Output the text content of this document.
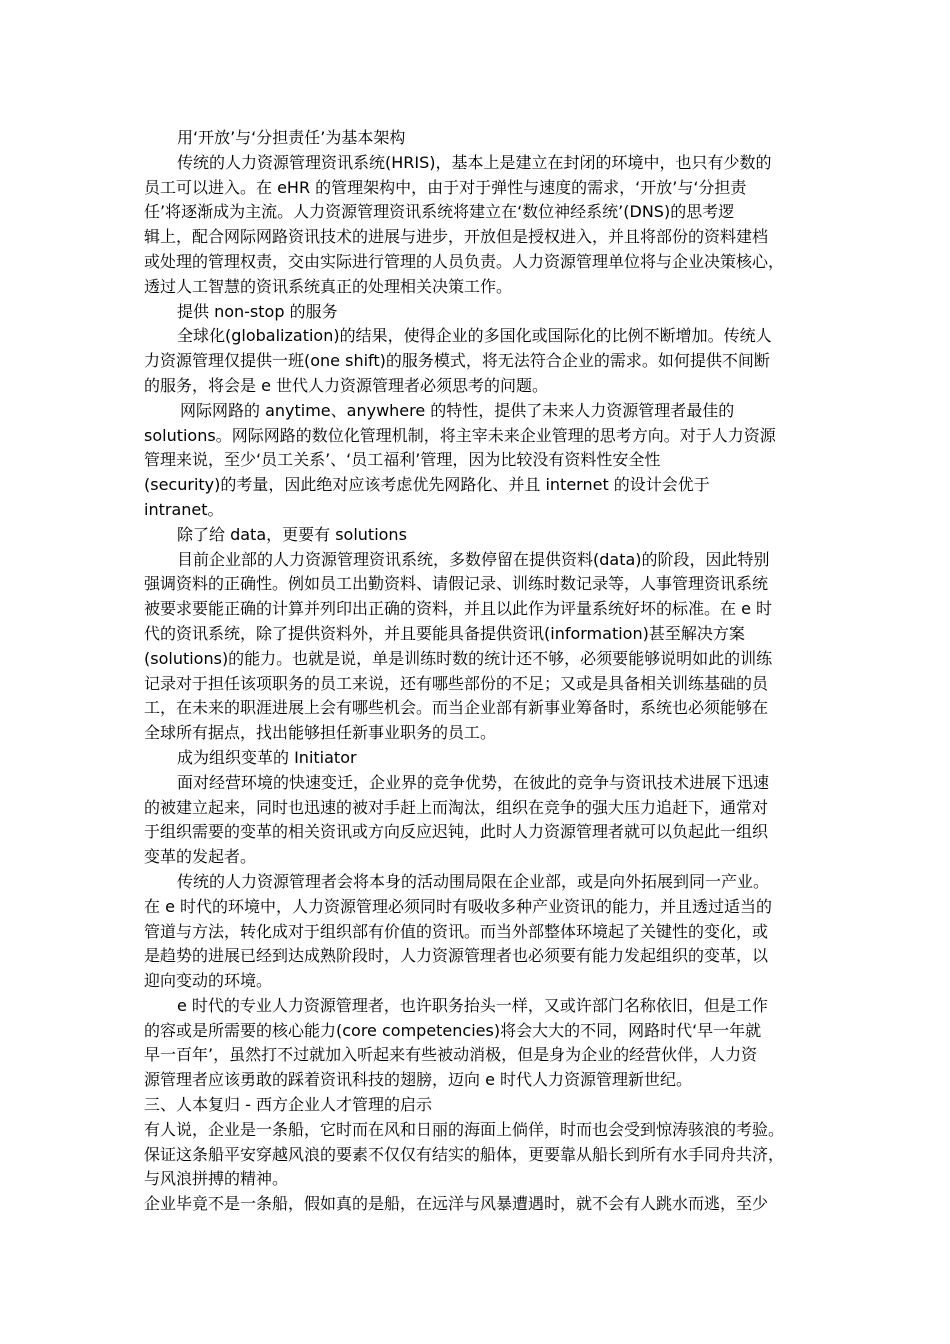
用‘开放’与‘分担责任’为基本架构
传统的人力资源管理资讯系统(HRIS)，基本上是建立在封闭的环境中，也只有少数的
员工可以进入。在 eHR 的管理架构中，由于对于弹性与速度的需求，‘开放’与‘分担责
任’将逐渐成为主流。人力资源管理资讯系统将建立在‘数位神经系统’(DNS)的思考逻
辑上，配合网际网路资讯技术的进展与进步，开放但是授权进入，并且将部份的资料建档
或处理的管理权责，交由实际进行管理的人员负责。人力资源管理单位将与企业决策核心，
透过人工智慧的资讯系统真正的处理相关决策工作。
提供 non-stop 的服务
全球化(globalization)的结果，使得企业的多国化或国际化的比例不断增加。传统人
力资源管理仅提供一班(one shift)的服务模式，将无法符合企业的需求。如何提供不间断
的服务，将会是 e 世代人力资源管理者必须思考的问题。
网际网路的 anytime、anywhere 的特性，提供了未来人力资源管理者最佳的
solutions。网际网路的数位化管理机制，将主宰未来企业管理的思考方向。对于人力资源
管理来说，至少‘员工关系’、‘员工福利’管理，因为比较没有资料性安全性
(security)的考量，因此绝对应该考虑优先网路化、并且 internet 的设计会优于
intranet。
除了给 data，更要有 solutions
目前企业部的人力资源管理资讯系统，多数停留在提供资料(data)的阶段，因此特别
强调资料的正确性。例如员工出勤资料、请假记录、训练时数记录等，人事管理资讯系统
被要求要能正确的计算并列印出正确的资料，并且以此作为评量系统好坏的标准。在 e 时
代的资讯系统，除了提供资料外，并且要能具备提供资讯(information)甚至解决方案
(solutions)的能力。也就是说，单是训练时数的统计还不够，必须要能够说明如此的训练
记录对于担任该项职务的员工来说，还有哪些部份的不足；又或是具备相关训练基础的员
工，在未来的职涯进展上会有哪些机会。而当企业部有新事业筹备时，系统也必须能够在
全球所有据点，找出能够担任新事业职务的员工。
成为组织变革的 Initiator
面对经营环境的快速变迁，企业界的竞争优势，在彼此的竞争与资讯技术进展下迅速
的被建立起来，同时也迅速的被对手赶上而淘汰，组织在竞争的强大压力追赶下，通常对
于组织需要的变革的相关资讯或方向反应迟钝，此时人力资源管理者就可以负起此一组织
变革的发起者。
传统的人力资源管理者会将本身的活动围局限在企业部，或是向外拓展到同一产业。
在 e 时代的环境中，人力资源管理必须同时有吸收多种产业资讯的能力，并且透过适当的
管道与方法，转化成对于组织部有价值的资讯。而当外部整体环境起了关键性的变化，或
是趋势的进展已经到达成熟阶段时，人力资源管理者也必须要有能力发起组织的变革，以
迎向变动的环境。
e 时代的专业人力资源管理者，也许职务抬头一样，又或许部门名称依旧，但是工作
的容或是所需要的核心能力(core competencies)将会大大的不同，网路时代‘早一年就
早一百年’，虽然打不过就加入听起来有些被动消极，但是身为企业的经营伙伴，人力资
源管理者应该勇敢的踩着资讯科技的翅膀，迈向 e 时代人力资源管理新世纪。
三、人本复归 - 西方企业人才管理的启示
有人说，企业是一条船，它时而在风和日丽的海面上倘佯，时而也会受到惊涛骇浪的考验。
保证这条船平安穿越风浪的要素不仅仅有结实的船体，更要靠从船长到所有水手同舟共济，
与风浪拼搏的精神。
企业毕竟不是一条船，假如真的是船，在远洋与风暴遭遇时，就不会有人跳水而逃，至少
